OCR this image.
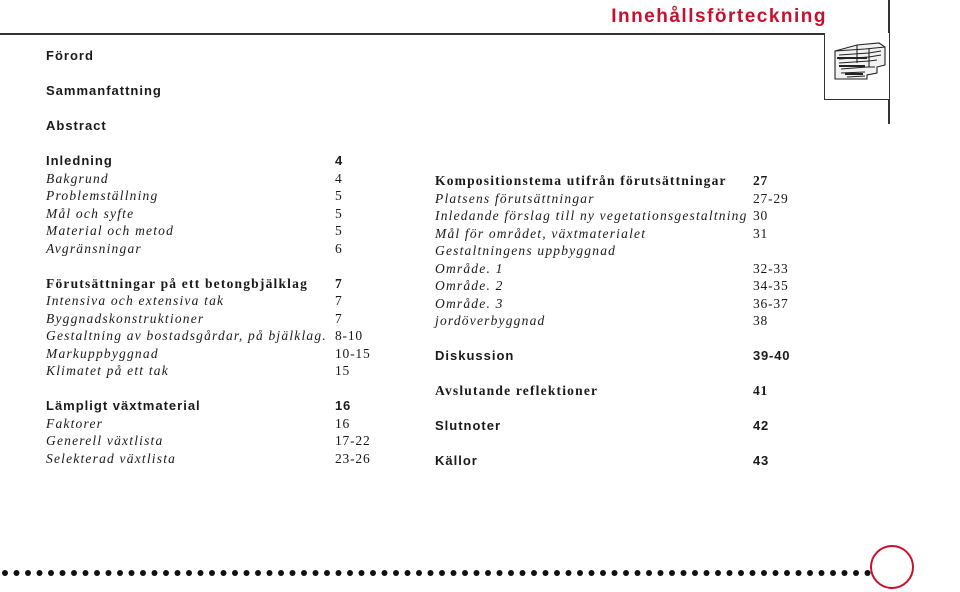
Innehållsförteckning
Förord
Sammanfattning
Abstract
Inledning	4
Bakgrund	4
Problemställning	5
Mål och syfte	5
Material och metod	5
Avgränsningar	6
Förutsättningar på ett betongbjälklag 7
Intensiva och extensiva tak	7
Byggnadskonstruktioner	7
Gestaltning av bostadsgårdar, på bjälklag. 8-10
Markuppbyggnad	10-15
Klimatet på ett tak	15
Lämpligt växtmaterial	16
Faktorer	16
Generell växtlista	17-22
Selekterad växtlista	23-26
Kompositionstema utifrån förutsättningar 27
Platsens förutsättningar	27-29
Inledande förslag till ny vegetationsgestaltning 30
Mål för området, växtmaterialet	31
Gestaltningens uppbyggnad
Område. 1	32-33
Område. 2	34-35
Område. 3	36-37
jordöverbyggnad	38
Diskussion	39-40
Avslutande reflektioner	41
Slutnoter	42
Källor	43
